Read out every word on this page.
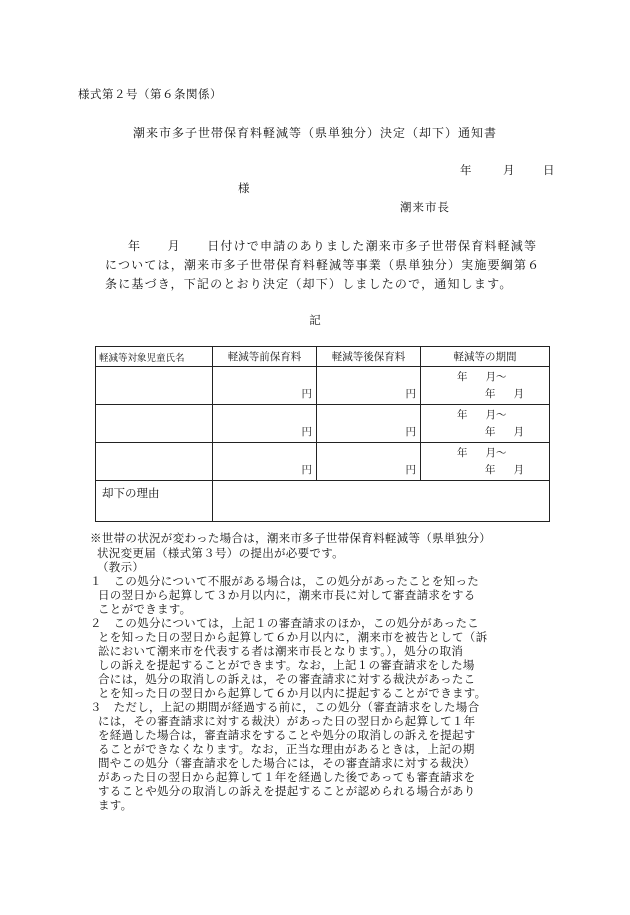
様式第２号（第６条関係）
潮来市多子世帯保育料軽減等（県単独分）決定（却下）通知書
年	月 日
様
潮来市長
年　　月　　日付けで申請のありました潮来市多子世帯保育料軽減等
については，潮来市多子世帯保育料軽減等事業（県単独分）実施要綱第６
条に基づき，下記のとおり決定（却下）しましたので，通知します。
記
軽減等対象児童氏名	軽減等前保育料	軽減等後保育料	軽減等の期間

	円	円	年 月～
年 月

	円	円	年 月～
年 月

	円	円	年 月～
年 月

却下の理由			

※世帯の状況が変わった場合は，潮来市多子世帯保育料軽減等（県単独分）
状況変更届（様式第３号）の提出が必要です。
（教示）
１　この処分について不服がある場合は，この処分があったことを知った
日の翌日から起算して３か月以内に，潮来市長に対して審査請求をする
ことができます。
２　この処分については，上記１の審査請求のほか，この処分があったこ
とを知った日の翌日から起算して６か月以内に，潮来市を被告として（訴
訟において潮来市を代表する者は潮来市長となります。），処分の取消
しの訴えを提起することができます。なお，上記１の審査請求をした場
合には，処分の取消しの訴えは，その審査請求に対する裁決があったこ
とを知った日の翌日から起算して６か月以内に提起することができます。
３　ただし，上記の期間が経過する前に，この処分（審査請求をした場合
には，その審査請求に対する裁決）があった日の翌日から起算して１年
を経過した場合は，審査請求をすることや処分の取消しの訴えを提起す
ることができなくなります。なお，正当な理由があるときは，上記の期
間やこの処分（審査請求をした場合には，その審査請求に対する裁決）
があった日の翌日から起算して１年を経過した後であっても審査請求を
することや処分の取消しの訴えを提起することが認められる場合があり
ます。
